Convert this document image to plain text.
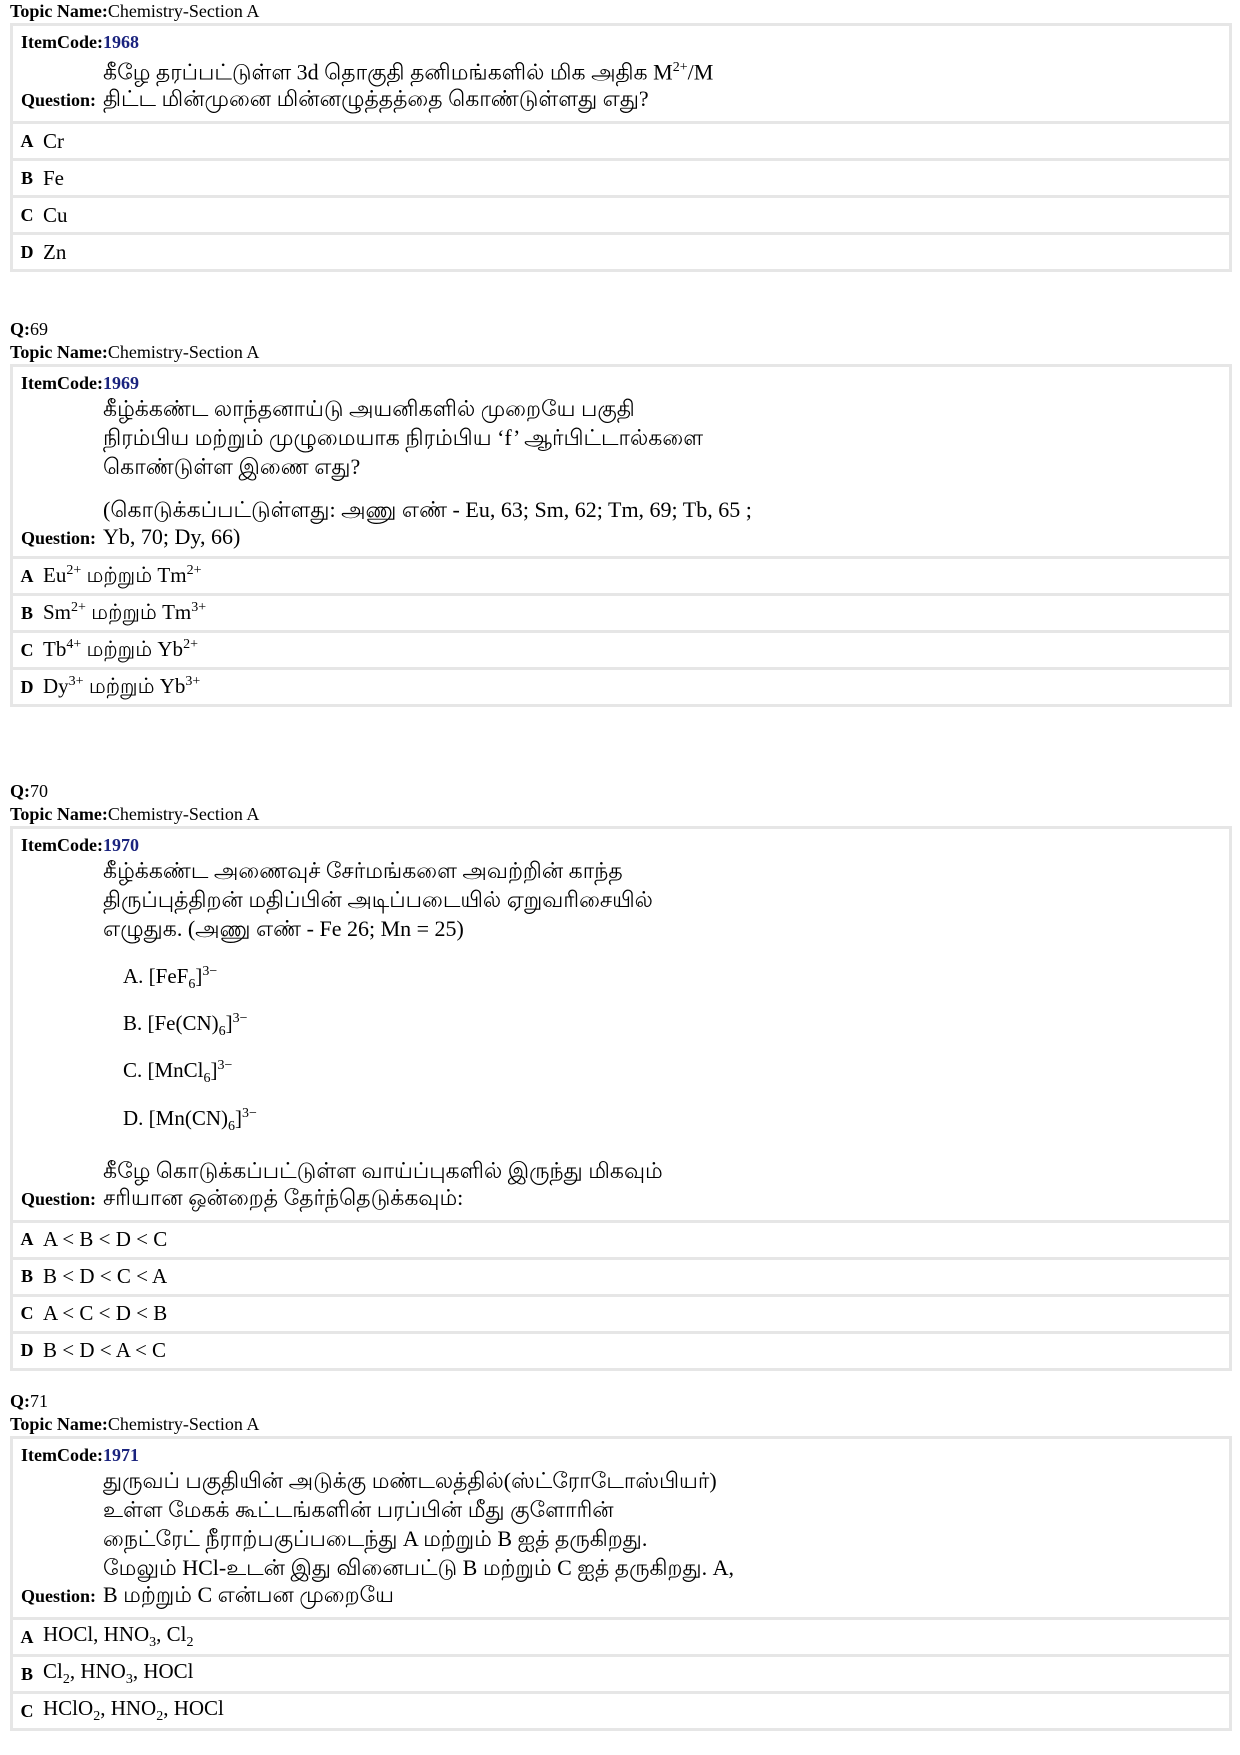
Topic Name:Chemistry-Section A
ItemCode:1968

கீழே தரப்பட்டுள்ள 3d தொகுதி தனிமங்களில் மிக அதிக $M^{2+}/M$

Question: திட்ட மின்முனை மின்னழுத்தத்தை கொண்டுள்ளது எது?
A Cr
B Fe
C Cu
D Zn
Q:69
Topic Name:Chemistry-Section A
ItemCode:1969

கீழ்க்கண்ட லாந்தனாய்டு அயனிகளில் முறையே பகுதி

நிரம்பிய மற்றும் முழுமையாக நிரம்பிய ‘f’ ஆர்பிட்டால்களை

கொண்டுள்ள இணை எது?

(கொடுக்கப்பட்டுள்ளது: அணு எண் - Eu, 63; Sm, 62; Tm, 69; Tb, 65 ;

Question: Yb, 70; Dy, 66)
A $Eu^{2+}$ மற்றும் $Tm^{2+}$
B $Sm^{2+}$ மற்றும் $Tm^{3+}$
C $Tb^{4+}$ மற்றும் $Yb^{2+}$
D $Dy^{3+}$ மற்றும் $Yb^{3+}$
Q:70
Topic Name:Chemistry-Section A
ItemCode:1970

கீழ்க்கண்ட அணைவுச் சேர்மங்களை அவற்றின் காந்த

திருப்புத்திறன் மதிப்பின் அடிப்படையில் ஏறுவரிசையில்

எழுதுக. (அணு எண் - Fe 26; Mn = 25)

A. $[FeF_6]^{3-}$
B. $[Fe(CN)_6]^{3-}$
C. [MnCl$_6$]$^{3-}$
D. $[Mn(CN)_6]^{3-}$

கீழே கொடுக்கப்பட்டுள்ள வாய்ப்புகளில் இருந்து மிகவும்

Question: சரியான ஒன்றைத் தேர்ந்தெடுக்கவும்:
A A < B < D < C
B B < D < C < A
C A < C < D < B
D B < D < A < C
Q:71
Topic Name:Chemistry-Section A
ItemCode:1971

துருவப் பகுதியின் அடுக்கு மண்டலத்தில்(ஸ்ட்ரோடோஸ்பியர்)

உள்ள மேகக் கூட்டங்களின் பரப்பின் மீது குளோரின்

நைட்ரேட் நீராற்பகுப்படைந்து A மற்றும் B ஐத் தருகிறது.

மேலும் HCl-உடன் இது வினைபட்டு B மற்றும் C ஐத் தருகிறது. A,

Question: B மற்றும் C என்பன முறையே
A HOCl, $HNO_3$, $Cl_2$
B $Cl_2$, $HNO_3$, HOCl
C HClO$_2$, $HNO_2$, HOCl
